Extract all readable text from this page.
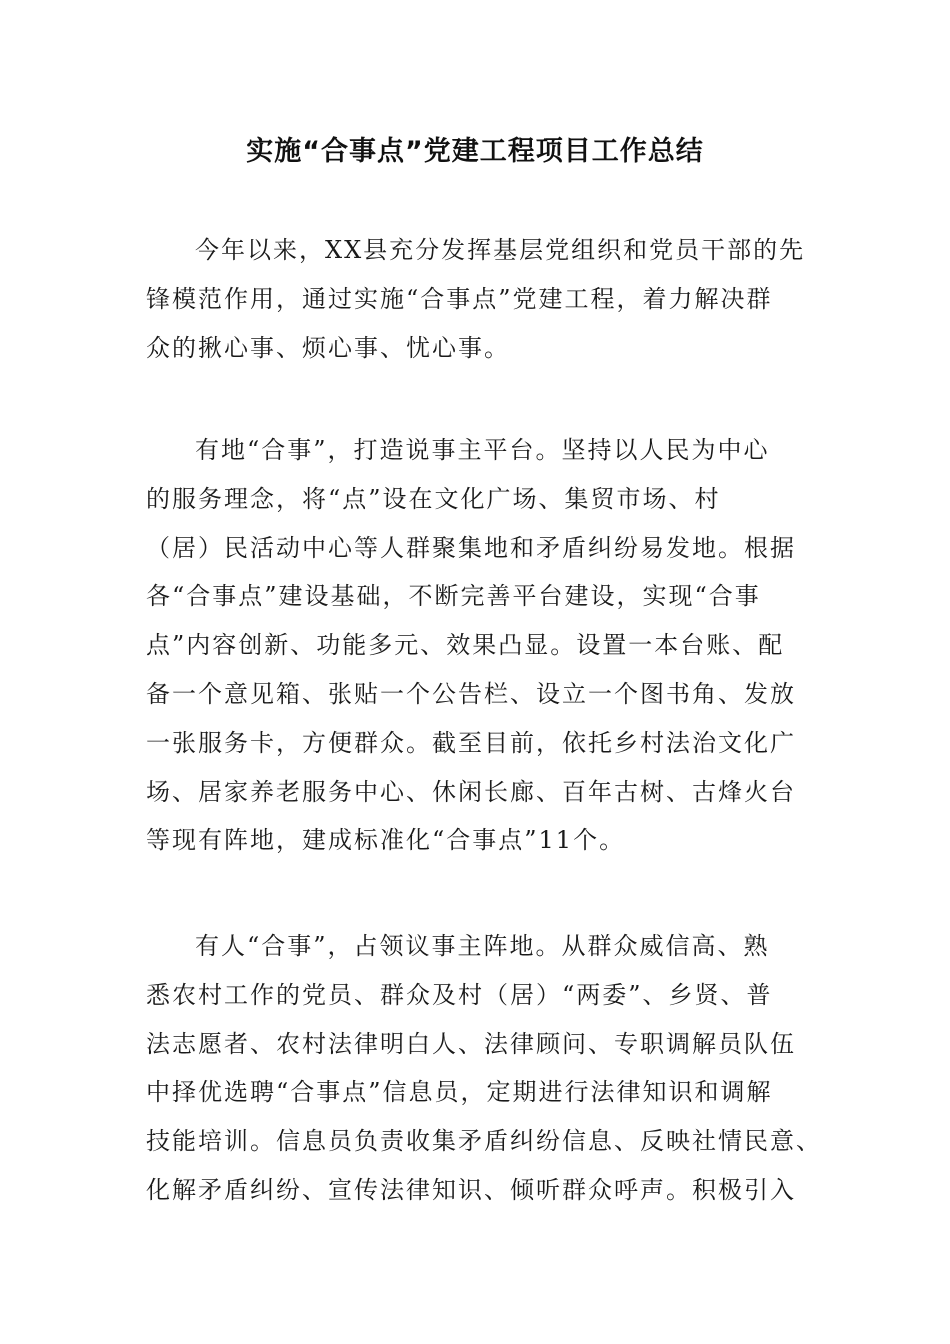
实施“合事点”党建工程项目工作总结
今年以来，XX县充分发挥基层党组织和党员干部的先
锋模范作用，通过实施“合事点”党建工程，着力解决群
众的揪心事、烦心事、忧心事。
有地“合事”，打造说事主平台。坚持以人民为中心
的服务理念，将“点”设在文化广场、集贸市场、村
（居）民活动中心等人群聚集地和矛盾纠纷易发地。根据
各“合事点”建设基础，不断完善平台建设，实现“合事
点”内容创新、功能多元、效果凸显。设置一本台账、配
备一个意见箱、张贴一个公告栏、设立一个图书角、发放
一张服务卡，方便群众。截至目前，依托乡村法治文化广
场、居家养老服务中心、休闲长廊、百年古树、古烽火台
等现有阵地，建成标准化“合事点”11个。
有人“合事”，占领议事主阵地。从群众威信高、熟
悉农村工作的党员、群众及村（居）“两委”、乡贤、普
法志愿者、农村法律明白人、法律顾问、专职调解员队伍
中择优选聘“合事点”信息员，定期进行法律知识和调解
技能培训。信息员负责收集矛盾纠纷信息、反映社情民意、
化解矛盾纠纷、宣传法律知识、倾听群众呼声。积极引入
